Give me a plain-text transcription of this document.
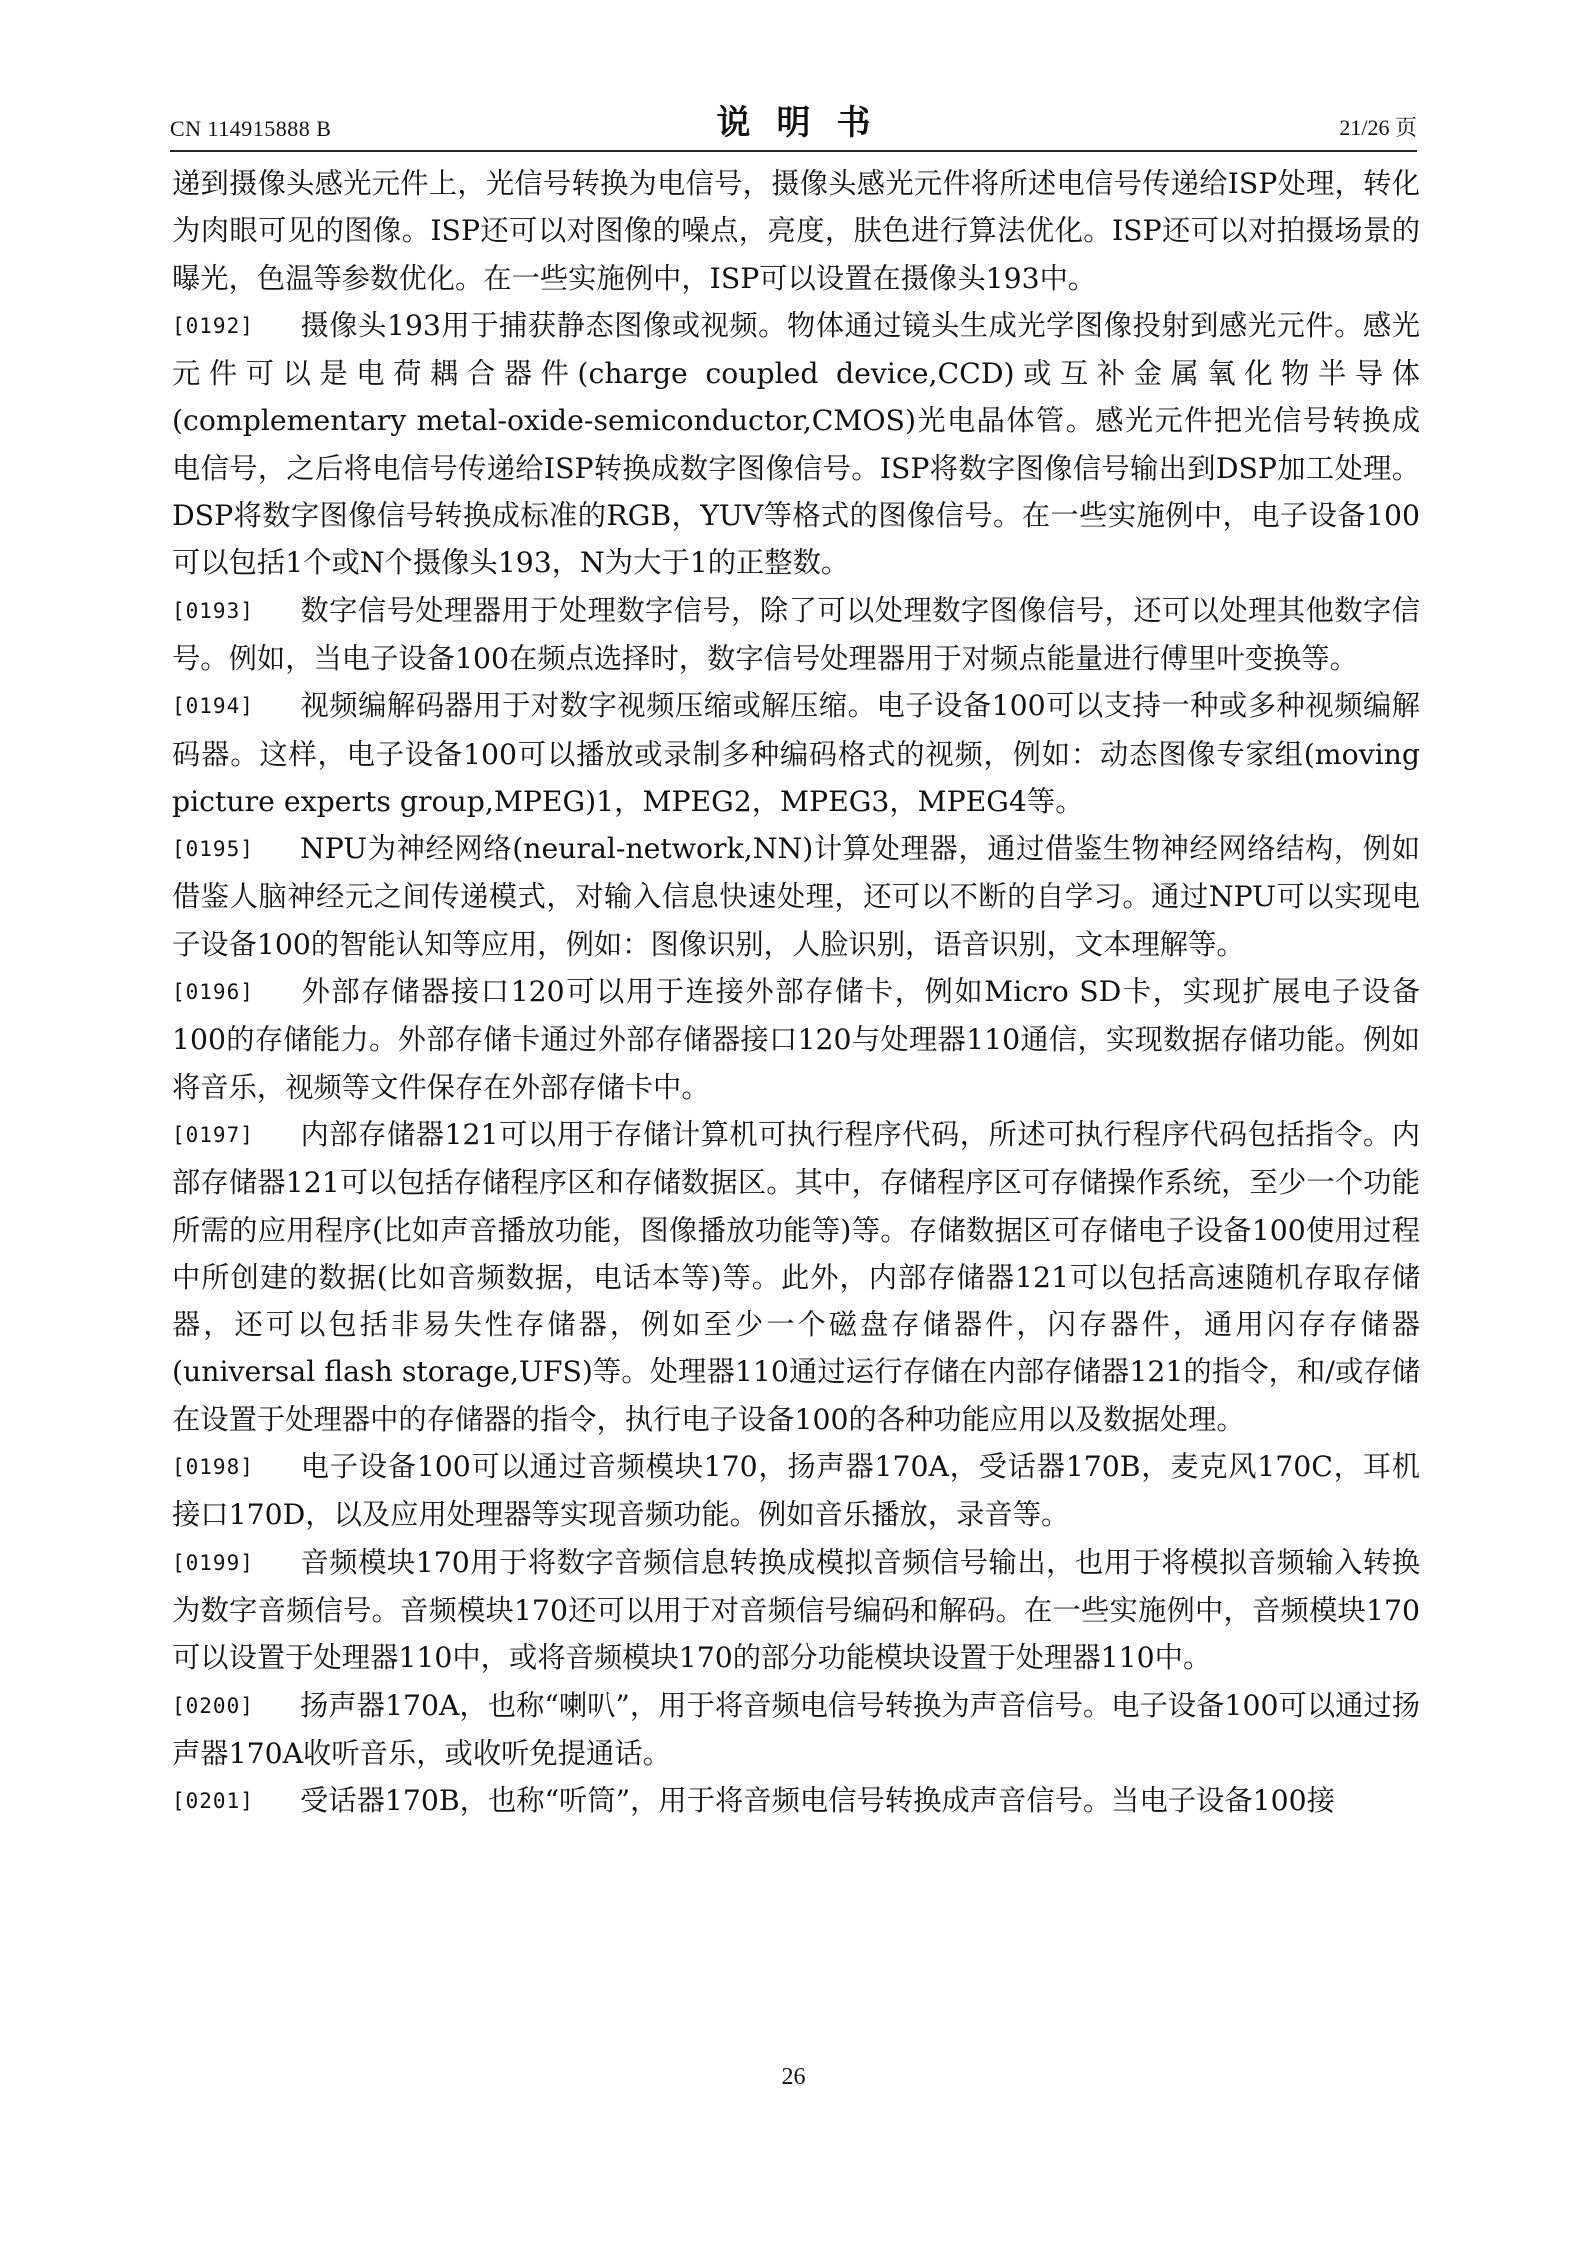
CN 114915888 B	说明书	21/26 页

递到摄像头感光元件上，光信号转换为电信号，摄像头感光元件将所述电信号传递给ISP处理，转化为肉眼可见的图像。ISP还可以对图像的噪点，亮度，肤色进行算法优化。ISP还可以对拍摄场景的曝光，色温等参数优化。在一些实施例中，ISP可以设置在摄像头193中。

[0192] 摄像头193用于捕获静态图像或视频。物体通过镜头生成光学图像投射到感光元件。感光元件可以是电荷耦合器件(charge coupled device,CCD)或互补金属氧化物半导体(complementary metal-oxide-semiconductor,CMOS)光电晶体管。感光元件把光信号转换成电信号，之后将电信号传递给ISP转换成数字图像信号。ISP将数字图像信号输出到DSP加工处理。DSP将数字图像信号转换成标准的RGB，YUV等格式的图像信号。在一些实施例中，电子设备100可以包括1个或N个摄像头193，N为大于1的正整数。

[0193] 数字信号处理器用于处理数字信号，除了可以处理数字图像信号，还可以处理其他数字信号。例如，当电子设备100在频点选择时，数字信号处理器用于对频点能量进行傅里叶变换等。

[0194] 视频编解码器用于对数字视频压缩或解压缩。电子设备100可以支持一种或多种视频编解码器。这样，电子设备100可以播放或录制多种编码格式的视频，例如：动态图像专家组(moving picture experts group,MPEG)1，MPEG2，MPEG3，MPEG4等。

[0195] NPU为神经网络(neural-network,NN)计算处理器，通过借鉴生物神经网络结构，例如借鉴人脑神经元之间传递模式，对输入信息快速处理，还可以不断的自学习。通过NPU可以实现电子设备100的智能认知等应用，例如：图像识别，人脸识别，语音识别，文本理解等。

[0196] 外部存储器接口120可以用于连接外部存储卡，例如Micro SD卡，实现扩展电子设备100的存储能力。外部存储卡通过外部存储器接口120与处理器110通信，实现数据存储功能。例如将音乐，视频等文件保存在外部存储卡中。

[0197] 内部存储器121可以用于存储计算机可执行程序代码，所述可执行程序代码包括指令。内部存储器121可以包括存储程序区和存储数据区。其中，存储程序区可存储操作系统，至少一个功能所需的应用程序(比如声音播放功能，图像播放功能等)等。存储数据区可存储电子设备100使用过程中所创建的数据(比如音频数据，电话本等)等。此外，内部存储器121可以包括高速随机存取存储器，还可以包括非易失性存储器，例如至少一个磁盘存储器件，闪存器件，通用闪存存储器(universal flash storage,UFS)等。处理器110通过运行存储在内部存储器121的指令，和/或存储在设置于处理器中的存储器的指令，执行电子设备100的各种功能应用以及数据处理。

[0198] 电子设备100可以通过音频模块170，扬声器170A，受话器170B，麦克风170C，耳机接口170D，以及应用处理器等实现音频功能。例如音乐播放，录音等。

[0199] 音频模块170用于将数字音频信息转换成模拟音频信号输出，也用于将模拟音频输入转换为数字音频信号。音频模块170还可以用于对音频信号编码和解码。在一些实施例中，音频模块170可以设置于处理器110中，或将音频模块170的部分功能模块设置于处理器110中。

[0200] 扬声器170A，也称“喇叭”，用于将音频电信号转换为声音信号。电子设备100可以通过扬声器170A收听音乐，或收听免提通话。

[0201] 受话器170B，也称“听筒”，用于将音频电信号转换成声音信号。当电子设备100接

26
